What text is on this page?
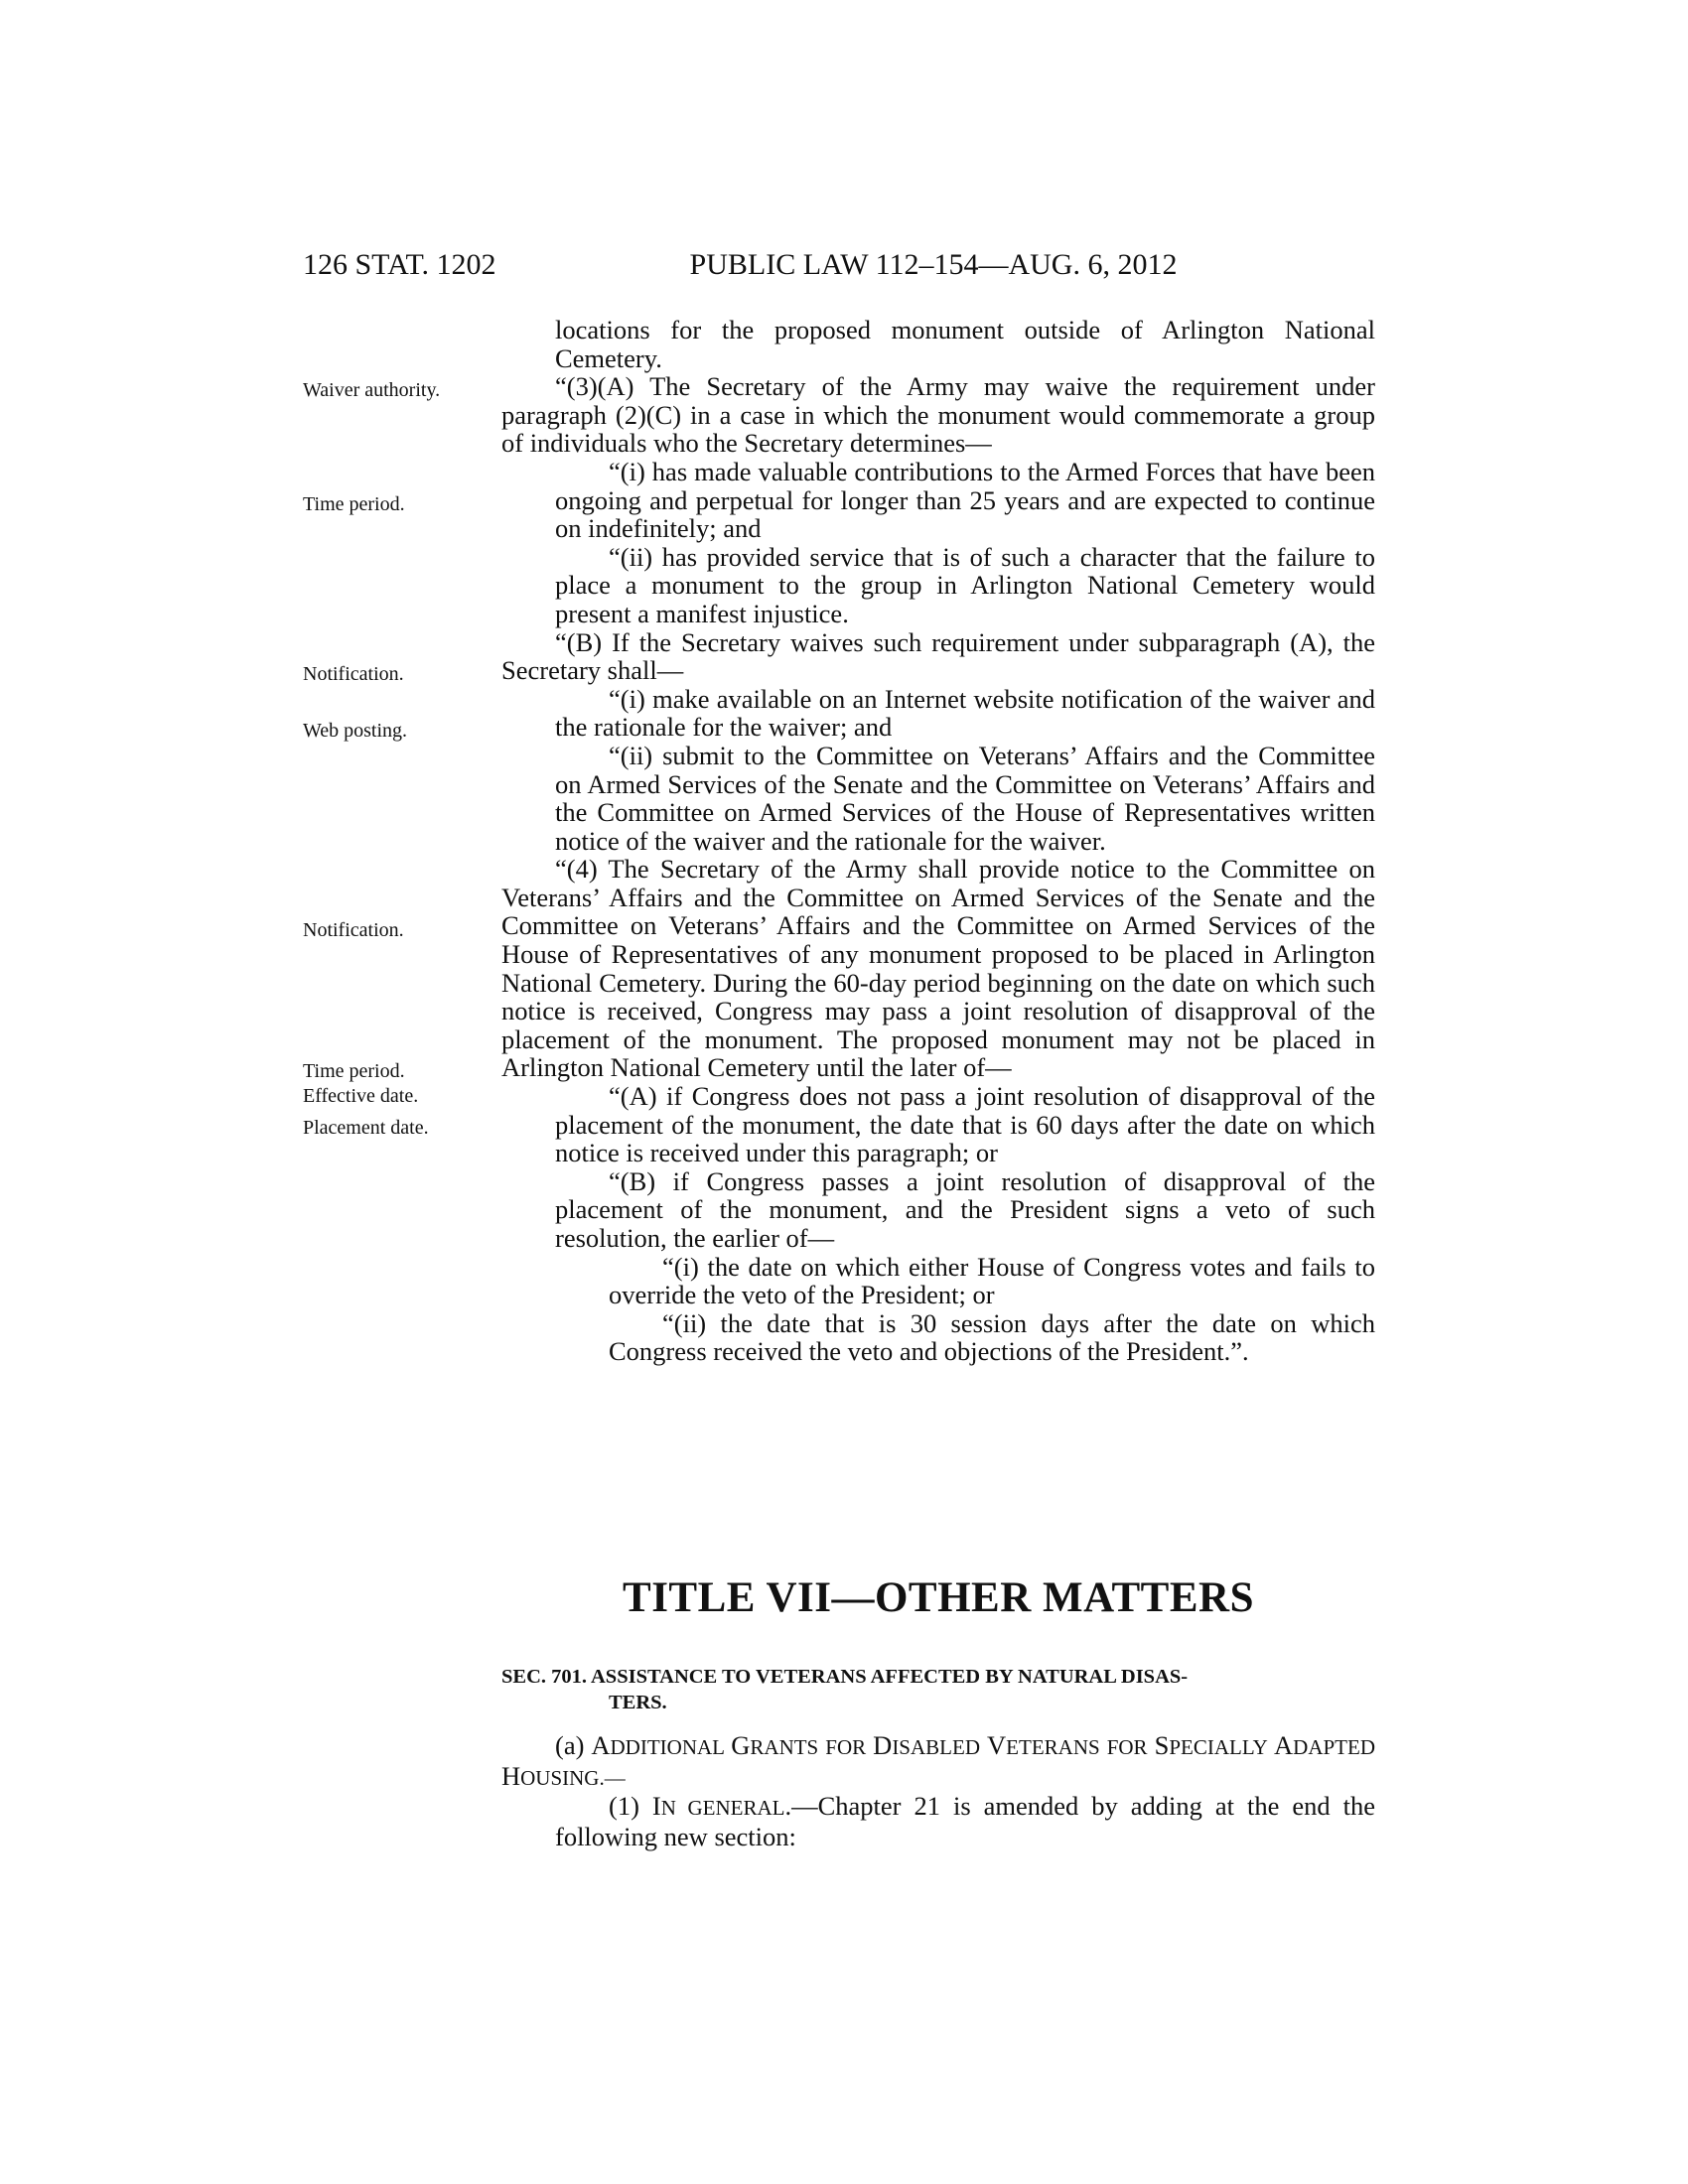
126 STAT. 1202	PUBLIC LAW 112–154—AUG. 6, 2012
Waiver authority.
Time period.
Notification.
Web posting.
Notification.
Time period.
Effective date.
Placement date.

locations for the proposed monument outside of Arlington National Cemetery.

“(3)(A) The Secretary of the Army may waive the requirement under paragraph (2)(C) in a case in which the monument would commemorate a group of individuals who the Secretary determines—

“(i) has made valuable contributions to the Armed Forces that have been ongoing and perpetual for longer than 25 years and are expected to continue on indefinitely; and

“(ii) has provided service that is of such a character that the failure to place a monument to the group in Arlington National Cemetery would present a manifest injustice.

“(B) If the Secretary waives such requirement under subparagraph (A), the Secretary shall—

“(i) make available on an Internet website notification of the waiver and the rationale for the waiver; and

“(ii) submit to the Committee on Veterans’ Affairs and the Committee on Armed Services of the Senate and the Committee on Veterans’ Affairs and the Committee on Armed Services of the House of Representatives written notice of the waiver and the rationale for the waiver.

“(4) The Secretary of the Army shall provide notice to the Committee on Veterans’ Affairs and the Committee on Armed Services of the Senate and the Committee on Veterans’ Affairs and the Committee on Armed Services of the House of Representatives of any monument proposed to be placed in Arlington National Cemetery. During the 60-day period beginning on the date on which such notice is received, Congress may pass a joint resolution of disapproval of the placement of the monument. The proposed monument may not be placed in Arlington National Cemetery until the later of—

“(A) if Congress does not pass a joint resolution of disapproval of the placement of the monument, the date that is 60 days after the date on which notice is received under this paragraph; or

“(B) if Congress passes a joint resolution of disapproval of the placement of the monument, and the President signs a veto of such resolution, the earlier of—

“(i) the date on which either House of Congress votes and fails to override the veto of the President; or

“(ii) the date that is 30 session days after the date on which Congress received the veto and objections of the President.”.

TITLE VII—OTHER MATTERS
SEC. 701. ASSISTANCE TO VETERANS AFFECTED BY NATURAL DISAS-
TERS.

(a) ADDITIONAL GRANTS FOR DISABLED VETERANS FOR SPECIALLY ADAPTED HOUSING.—

(1) IN GENERAL.—Chapter 21 is amended by adding at the end the following new section:
